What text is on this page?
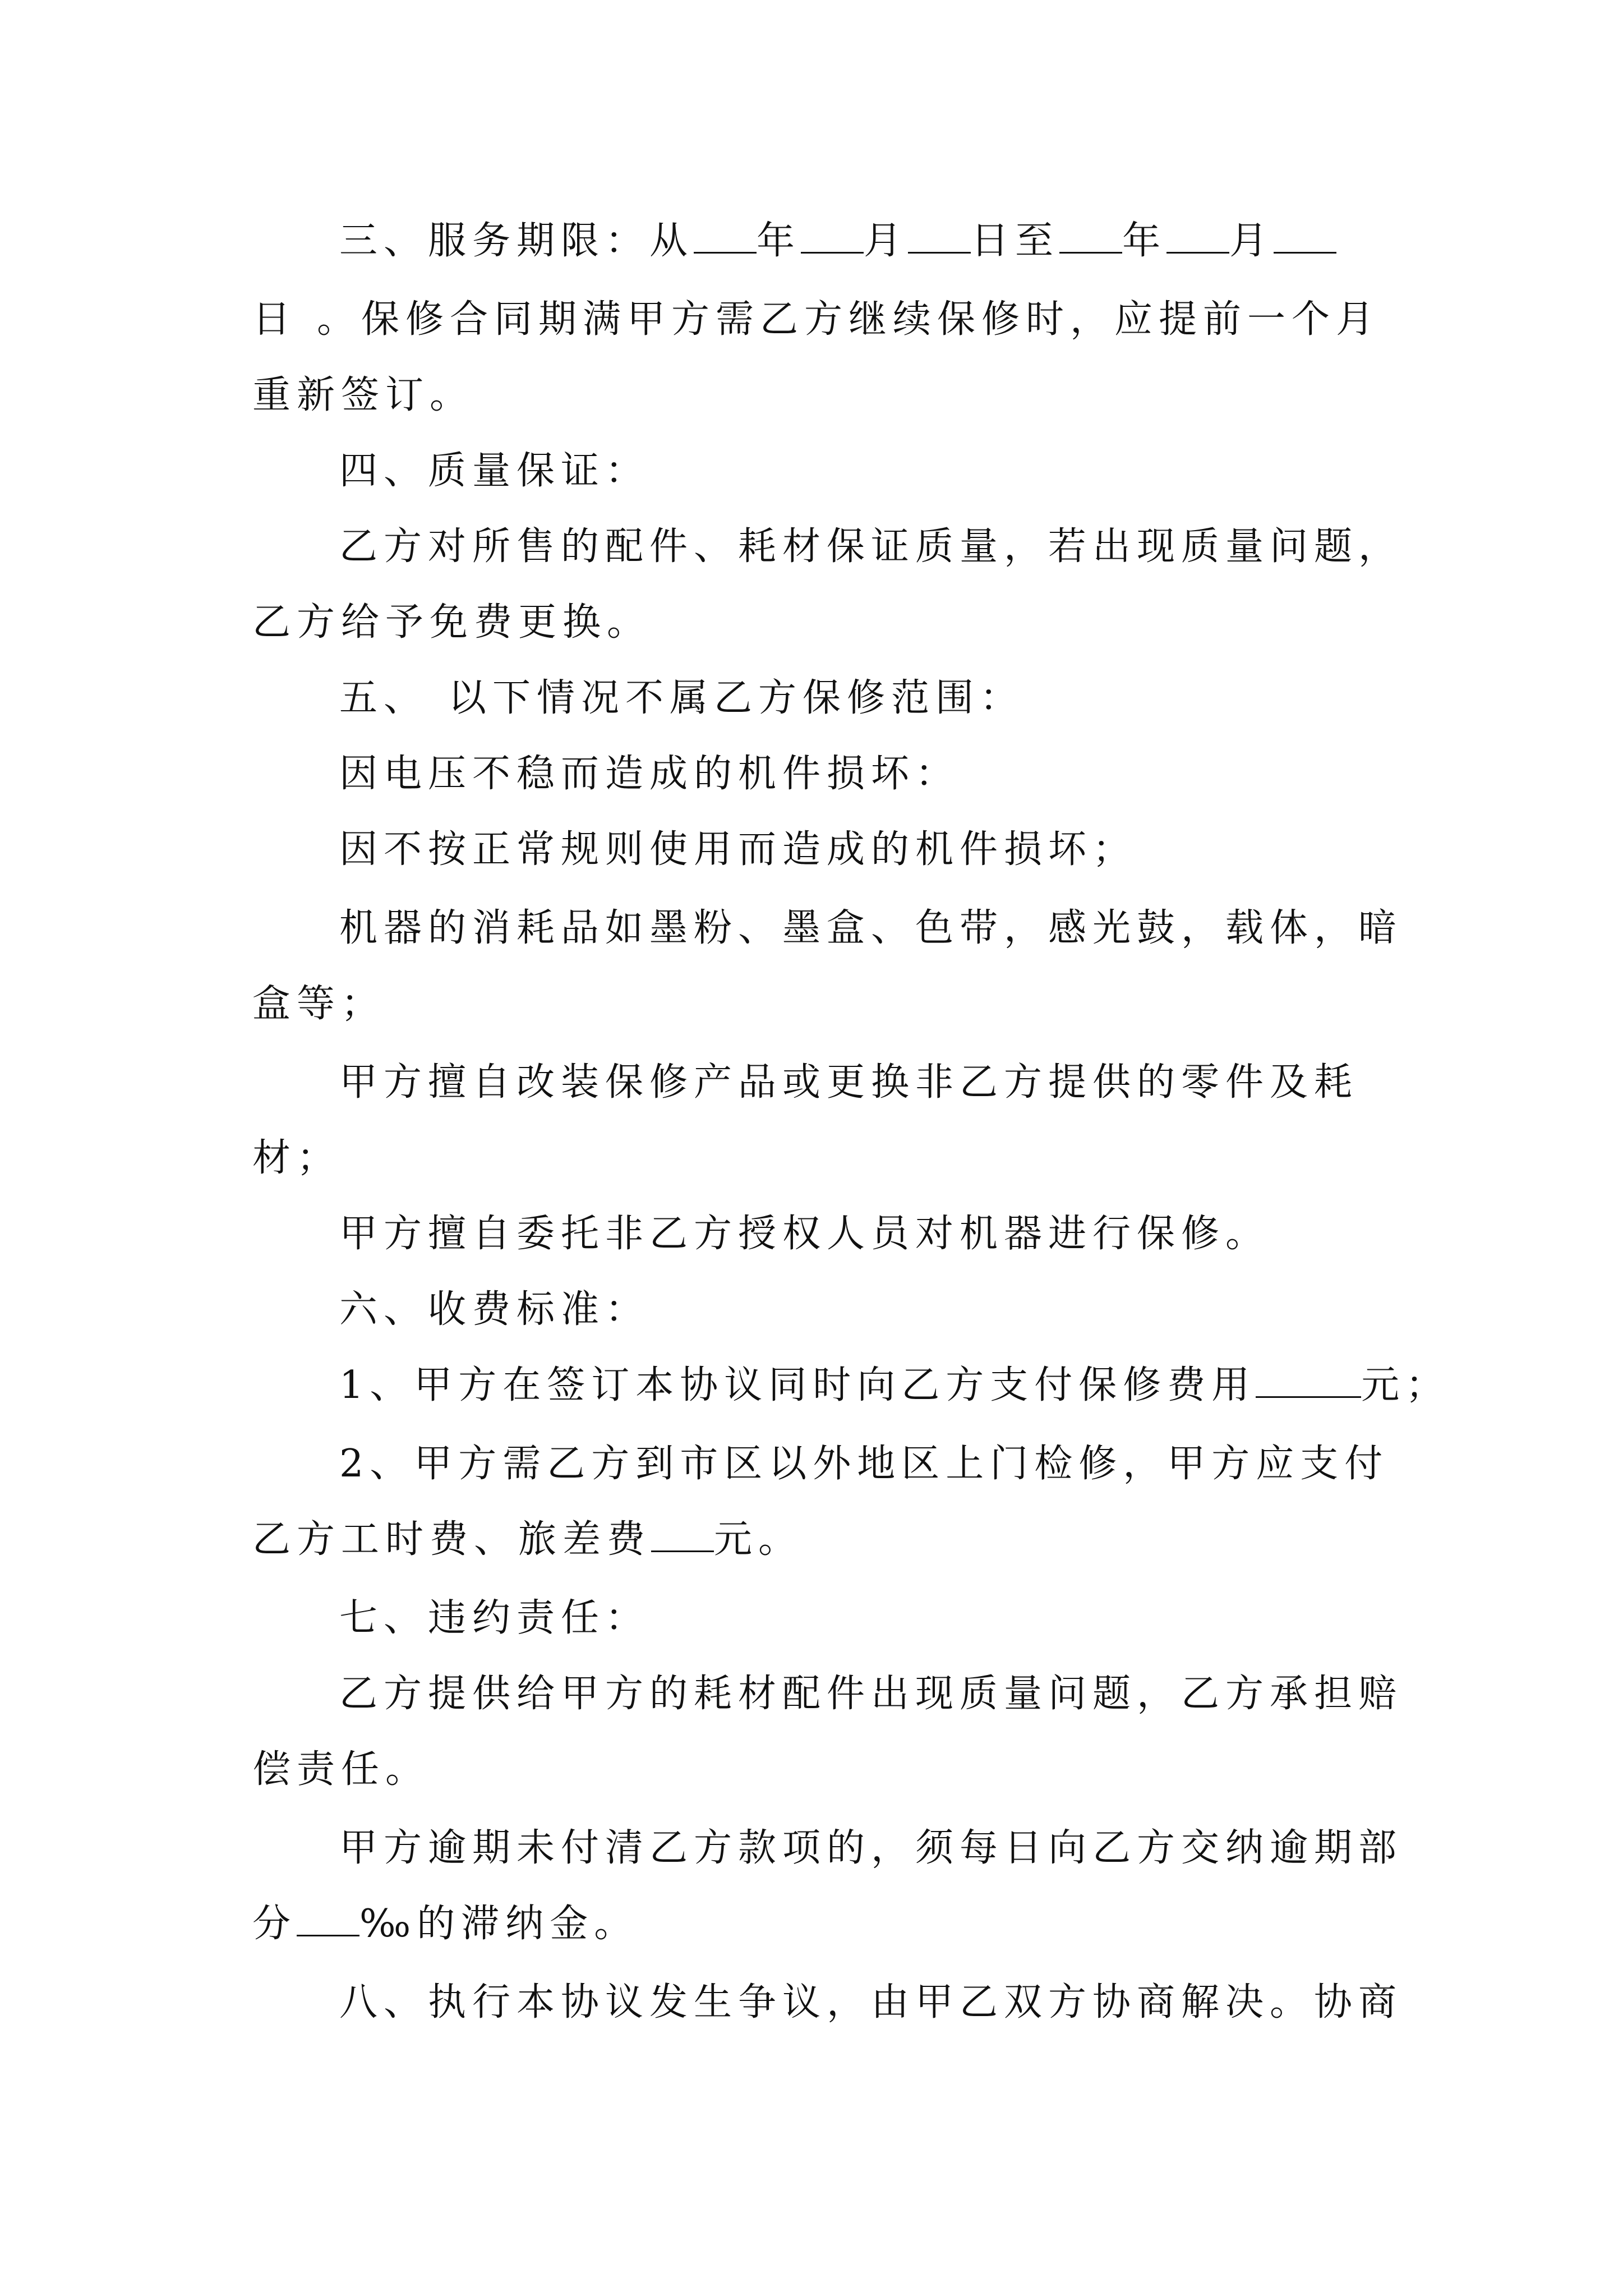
三、服务期限：从 年 月 日至 年 月
日 。保修合同期满甲方需乙方继续保修时，应提前一个月
重新签订。
四、质量保证：
乙方对所售的配件、耗材保证质量，若出现质量问题，
乙方给予免费更换。
五、 以下情况不属乙方保修范围：
因电压不稳而造成的机件损坏：
因不按正常规则使用而造成的机件损坏；
机器的消耗品如墨粉、墨盒、色带，感光鼓，载体，暗
盒等；
甲方擅自改装保修产品或更换非乙方提供的零件及耗
材；
甲方擅自委托非乙方授权人员对机器进行保修。
六、收费标准：
1、甲方在签订本协议同时向乙方支付保修费用	元；
2、甲方需乙方到市区以外地区上门检修，甲方应支付
乙方工时费、旅差费 元。
七、违约责任：
乙方提供给甲方的耗材配件出现质量问题，乙方承担赔
偿责任。
甲方逾期未付清乙方款项的，须每日向乙方交纳逾期部
分 ‰的滞纳金。
八、执行本协议发生争议，由甲乙双方协商解决。协商
